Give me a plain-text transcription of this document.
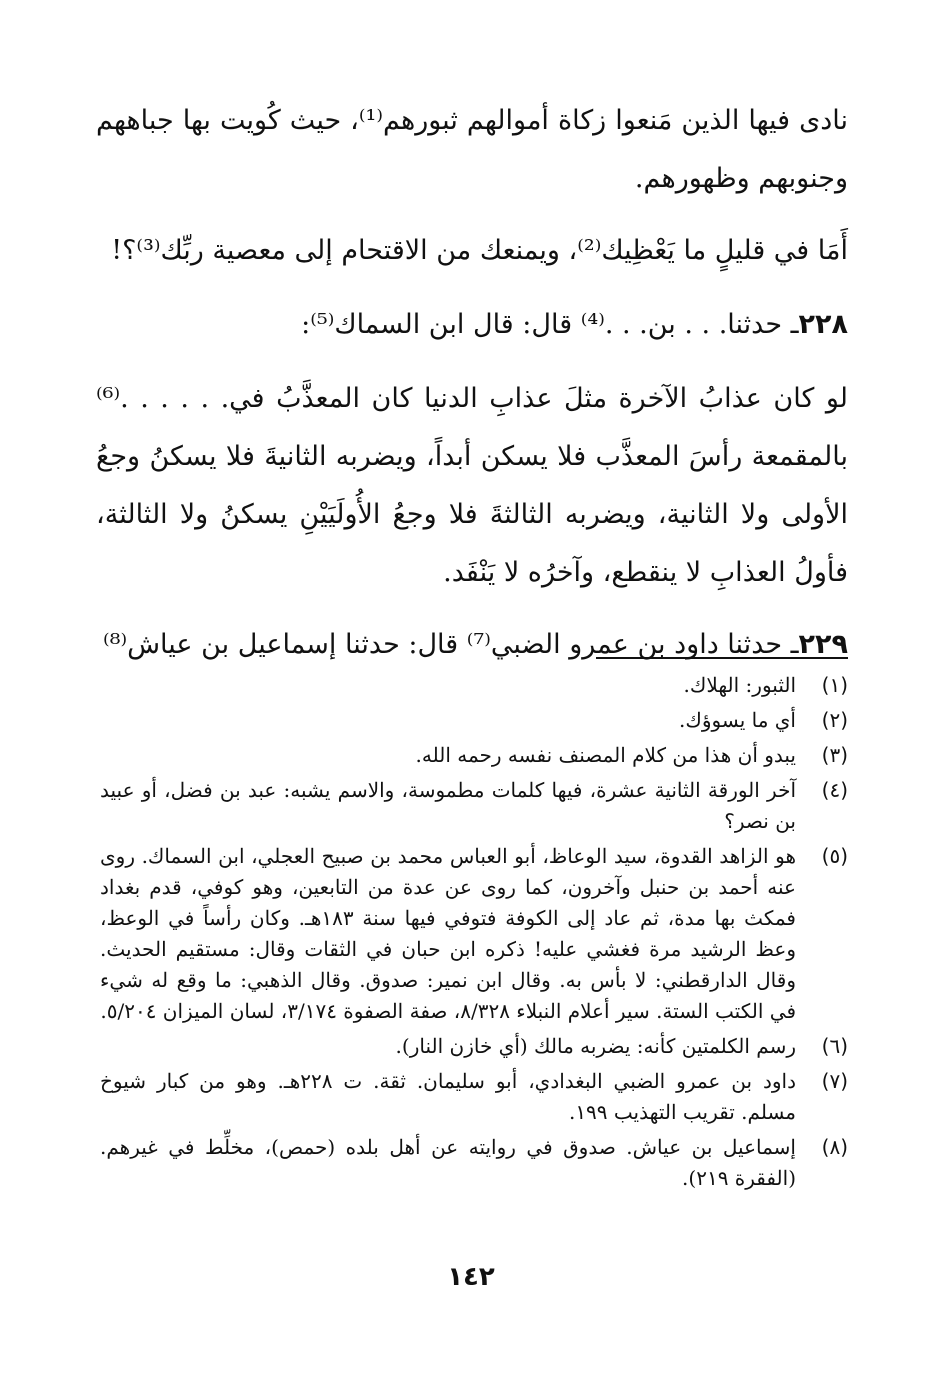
نادى فيها الذين مَنعوا زكاة أموالهم ثبورهم⁽¹⁾، حيث كُويت بها جباههم وجنوبهم وظهورهم.

أَمَا في قليلٍ ما يَعْظِيك⁽²⁾، ويمنعك من الاقتحام إلى معصية ربِّك⁽³⁾؟!

٢٢٨ـ حدثنا. . . بن. . .⁽⁴⁾ قال: قال ابن السماك⁽⁵⁾:

لو كان عذابُ الآخرة مثلَ عذابِ الدنيا كان المعذَّبُ في. . . . . .⁽⁶⁾ بالمقمعة رأسَ المعذَّب فلا يسكن أبداً، ويضربه الثانيةَ فلا يسكنُ وجعُ الأولى ولا الثانية، ويضربه الثالثةَ فلا وجعُ الأُولَيَيْنِ يسكنُ ولا الثالثة، فأولُ العذابِ لا ينقطع، وآخرُه لا يَنْفَد.

٢٢٩ـ حدثنا داود بن عمرو الضبي⁽⁷⁾ قال: حدثنا إسماعيل بن عياش⁽⁸⁾

(١)
الثبور: الهلاك.
(٢)
أي ما يسوؤك.
(٣)
يبدو أن هذا من كلام المصنف نفسه رحمه الله.
(٤)
آخر الورقة الثانية عشرة، فيها كلمات مطموسة، والاسم يشبه: عبد بن فضل، أو عبيد بن نصر؟
(٥)
هو الزاهد القدوة، سيد الوعاظ، أبو العباس محمد بن صبيح العجلي، ابن السماك. روى عنه أحمد بن حنبل وآخرون، كما روى عن عدة من التابعين، وهو كوفي، قدم بغداد فمكث بها مدة، ثم عاد إلى الكوفة فتوفي فيها سنة ١٨٣هـ. وكان رأساً في الوعظ، وعظ الرشيد مرة فغشي عليه! ذكره ابن حبان في الثقات وقال: مستقيم الحديث. وقال الدارقطني: لا بأس به. وقال ابن نمير: صدوق. وقال الذهبي: ما وقع له شيء في الكتب الستة. سير أعلام النبلاء ٨/٣٢٨، صفة الصفوة ٣/١٧٤، لسان الميزان ٥/٢٠٤.
(٦)
رسم الكلمتين كأنه: يضربه مالك (أي خازن النار).
(٧)
داود بن عمرو الضبي البغدادي، أبو سليمان. ثقة. ت ٢٢٨هـ. وهو من كبار شيوخ مسلم. تقريب التهذيب ١٩٩.
(٨)
إسماعيل بن عياش. صدوق في روايته عن أهل بلده (حمص)، مخلِّط في غيرهم. (الفقرة ٢١٩).
١٤٢
